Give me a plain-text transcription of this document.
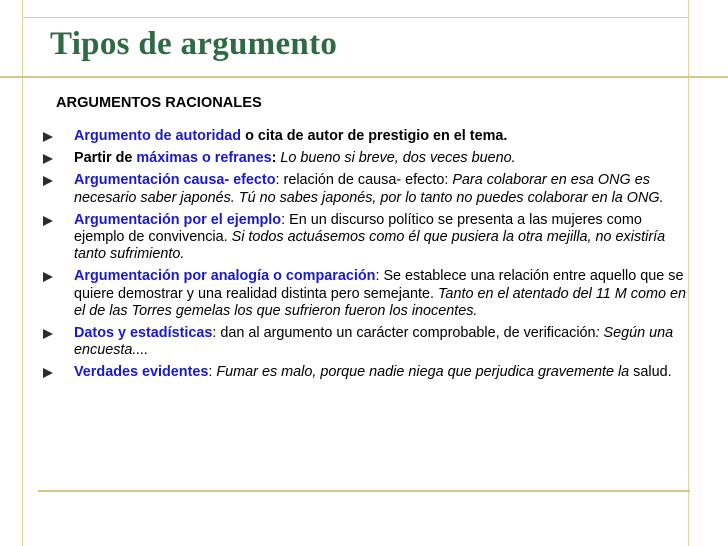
Tipos de argumento
ARGUMENTOS RACIONALES
Argumento de autoridad o cita de autor de prestigio en el tema.
Partir de máximas o refranes: Lo bueno si breve, dos veces bueno.
Argumentación causa- efecto: relación de causa- efecto: Para colaborar en esa ONG es necesario saber japonés. Tú no sabes japonés, por lo tanto no puedes colaborar en la ONG.
Argumentación por el ejemplo: En un discurso político se presenta a las mujeres como ejemplo de convivencia. Si todos actuásemos como él que pusiera la otra mejilla, no existiría tanto sufrimiento.
Argumentación por analogía o comparación: Se establece una relación entre aquello que se quiere demostrar y una realidad distinta pero semejante. Tanto en el atentado del 11 M como en el de las Torres gemelas los que sufrieron fueron los inocentes.
Datos y estadísticas: dan al argumento un carácter comprobable, de verificación: Según una encuesta....
Verdades evidentes: Fumar es malo, porque nadie niega que perjudica gravemente la salud.
